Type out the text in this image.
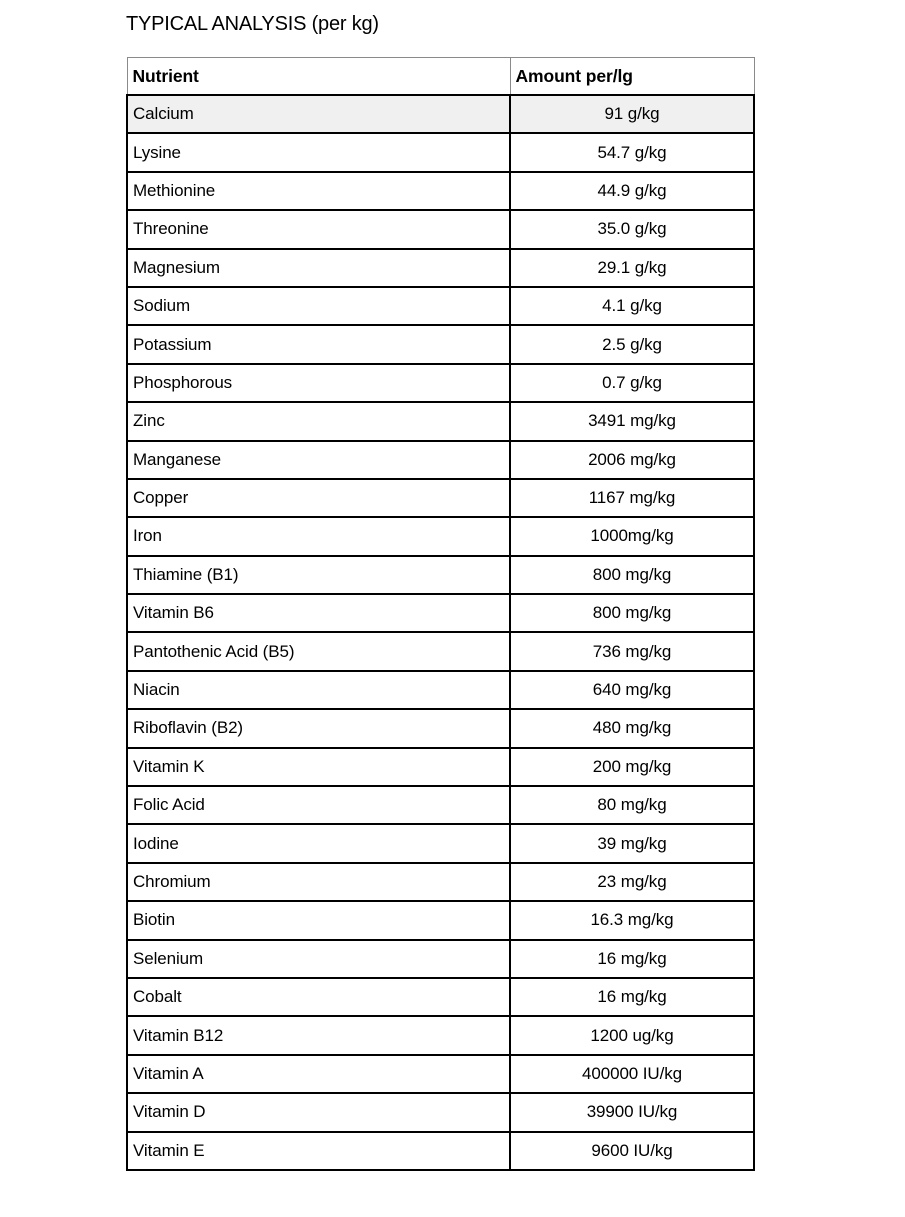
TYPICAL ANALYSIS (per kg)
Nutrient	Amount per/lg
Calcium	91 g/kg
Lysine	54.7 g/kg
Methionine	44.9 g/kg
Threonine	35.0 g/kg
Magnesium	29.1 g/kg
Sodium	4.1 g/kg
Potassium	2.5 g/kg
Phosphorous	0.7 g/kg
Zinc	3491 mg/kg
Manganese	2006 mg/kg
Copper	1167 mg/kg
Iron	1000mg/kg
Thiamine (B1)	800 mg/kg
Vitamin B6	800 mg/kg
Pantothenic Acid (B5)	736 mg/kg
Niacin	640 mg/kg
Riboflavin (B2)	480 mg/kg
Vitamin K	200 mg/kg
Folic Acid	80 mg/kg
Iodine	39 mg/kg
Chromium	23 mg/kg
Biotin	16.3 mg/kg
Selenium	16 mg/kg
Cobalt	16 mg/kg
Vitamin B12	1200 ug/kg
Vitamin A	400000 IU/kg
Vitamin D	39900 IU/kg
Vitamin E	9600 IU/kg
